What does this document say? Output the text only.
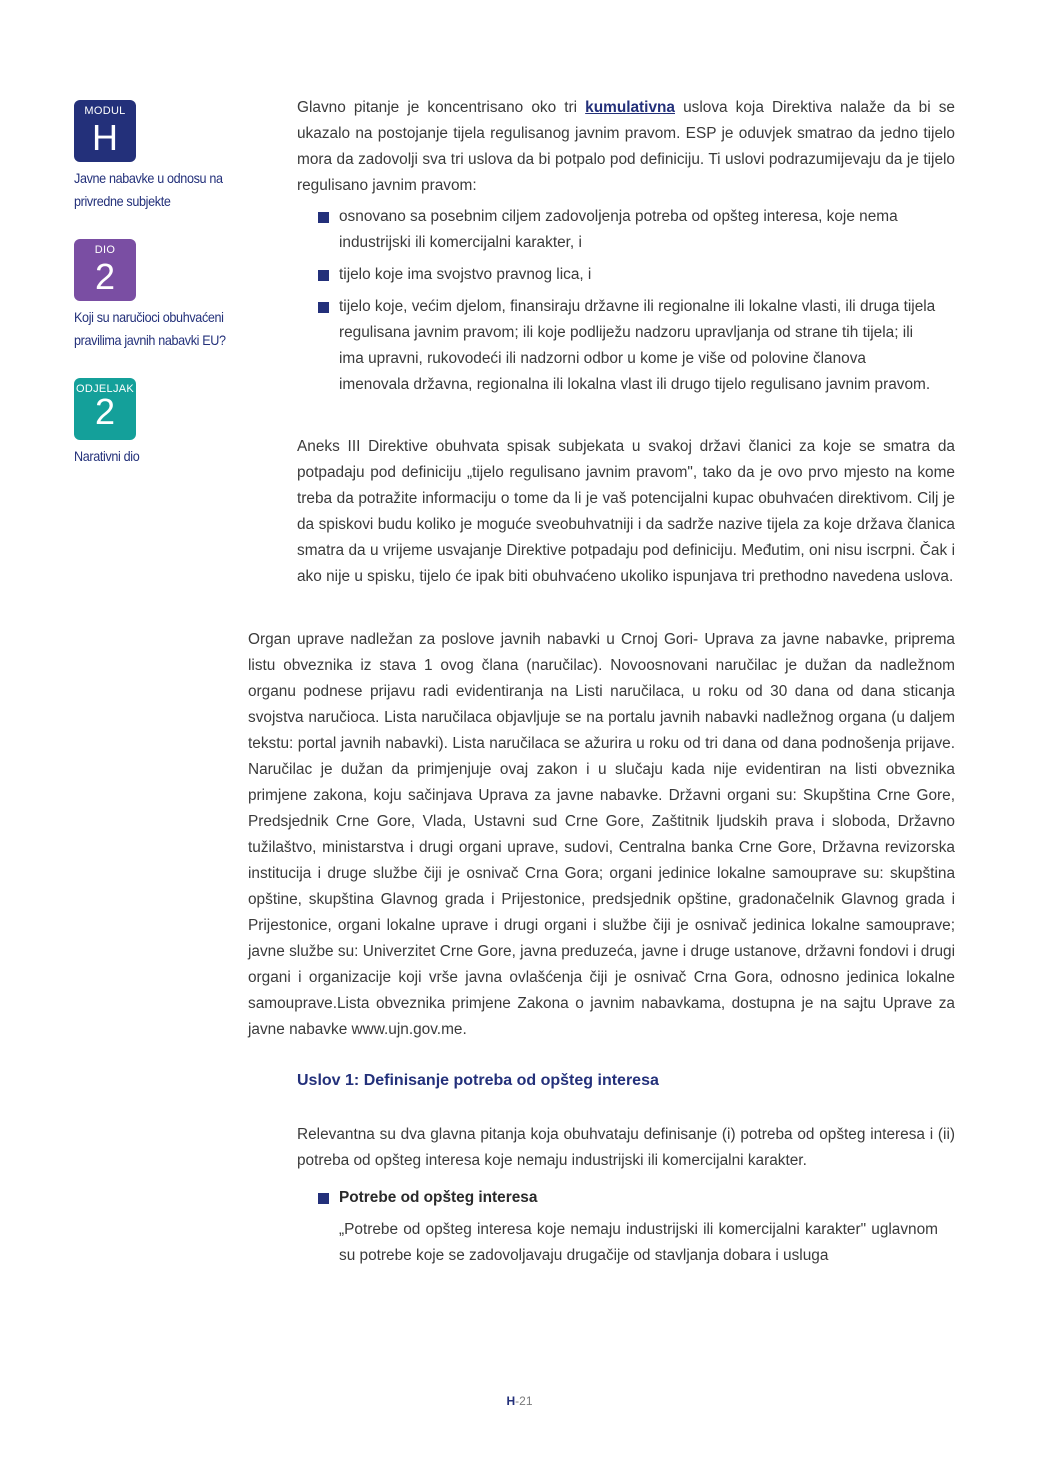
MODUL
H
Javne nabavke u odnosu na privredne subjekte
DIO
2
Koji su naručioci obuhvaćeni pravilima javnih nabavki EU?
ODJELJAK
2
Narativni dio

Glavno pitanje je koncentrisano oko tri kumulativna uslova koja Direktiva nalaže da bi se ukazalo na postojanje tijela regulisanog javnim pravom. ESP je oduvjek smatrao da jedno tijelo mora da zadovolji sva tri uslova da bi potpalo pod definiciju. Ti uslovi podrazumijevaju da je tijelo regulisano javnim pravom:

osnovano sa posebnim ciljem zadovoljenja potreba od opšteg interesa, koje nema industrijski ili komercijalni karakter, i
tijelo koje ima svojstvo pravnog lica, i
tijelo koje, većim djelom, finansiraju državne ili regionalne ili lokalne vlasti, ili druga tijela regulisana javnim pravom; ili koje podliježu nadzoru upravljanja od strane tih tijela; ili ima upravni, rukovodeći ili nadzorni odbor u kome je više od polovine članova imenovala državna, regionalna ili lokalna vlast ili drugo tijelo regulisano javnim pravom.

Aneks III Direktive obuhvata spisak subjekata u svakoj državi članici za koje se smatra da potpadaju pod definiciju „tijelo regulisano javnim pravom", tako da je ovo prvo mjesto na kome treba da potražite informaciju o tome da li je vaš potencijalni kupac obuhvaćen direktivom. Cilj je da spiskovi budu koliko je moguće sveobuhvatniji i da sadrže nazive tijela za koje država članica smatra da u vrijeme usvajanje Direktive potpadaju pod definiciju. Međutim, oni nisu iscrpni. Čak i ako nije u spisku, tijelo će ipak biti obuhvaćeno ukoliko ispunjava tri prethodno navedena uslova.

Organ uprave nadležan za poslove javnih nabavki u Crnoj Gori- Uprava za javne nabavke, priprema listu obveznika iz stava 1 ovog člana (naručilac). Novoosnovani naručilac je dužan da nadležnom organu podnese prijavu radi evidentiranja na Listi naručilaca, u roku od 30 dana od dana sticanja svojstva naručioca. Lista naručilaca objavljuje se na portalu javnih nabavki nadležnog organa (u daljem tekstu: portal javnih nabavki). Lista naručilaca se ažurira u roku od tri dana od dana podnošenja prijave. Naručilac je dužan da primjenjuje ovaj zakon i u slučaju kada nije evidentiran na listi obveznika primjene zakona, koju sačinjava Uprava za javne nabavke. Državni organi su: Skupština Crne Gore, Predsjednik Crne Gore, Vlada, Ustavni sud Crne Gore, Zaštitnik ljudskih prava i sloboda, Državno tužilaštvo, ministarstva i drugi organi uprave, sudovi, Centralna banka Crne Gore, Državna revizorska institucija i druge službe čiji je osnivač Crna Gora; organi jedinice lokalne samouprave su: skupština opštine, skupština Glavnog grada i Prijestonice, predsjednik opštine, gradonačelnik Glavnog grada i Prijestonice, organi lokalne uprave i drugi organi i službe čiji je osnivač jedinica lokalne samouprave; javne službe su: Univerzitet Crne Gore, javna preduzeća, javne i druge ustanove, državni fondovi i drugi organi i organizacije koji vrše javna ovlašćenja čiji je osnivač Crna Gora, odnosno jedinica lokalne samouprave.Lista obveznika primjene Zakona o javnim nabavkama, dostupna je na sajtu Uprave za javne nabavke www.ujn.gov.me.

Uslov 1: Definisanje potreba od opšteg interesa

Relevantna su dva glavna pitanja koja obuhvataju definisanje (i) potreba od opšteg interesa i (ii) potreba od opšteg interesa koje nemaju industrijski ili komercijalni karakter.

Potrebe od opšteg interesa

„Potrebe od opšteg interesa koje nemaju industrijski ili komercijalni karakter" uglavnom su potrebe koje se zadovoljavaju drugačije od stavljanja dobara i usluga

H-21
